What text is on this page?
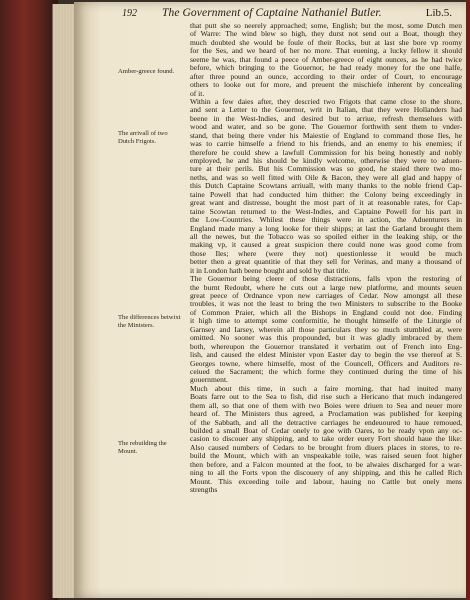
192 The Government of Captaine Nathaniel Butler.	Lib.5.
Amber-greece found.
The arrivall of two Dutch Frigots.
The differences betwixt the Ministers.
The rebuilding the Mount.
that putt she so neerely approached; some, English; but the most, some Dutch men
of Warre: The wind blew so high, they durst not send out a Boat, though they
much doubted she would be foule of their Rocks, but at last she bore vp roomy
for the Ses, and we heard of her no more. That euening, a lucky fellow it should
seeme he was, that found a peece of Amber-greece of eight ounces, as he had twice
before, which bringing to the Gouernor, he had ready money for the one halfe,
after three pound an ounce, according to their order of Court, to encourage
others to looke out for more, and preuent the mischiefe inherent by concealing
of it.
Within a few daies after, they descried two Frigots that came close to the shore,
and sent a Letter to the Gouernor, writ in Italian, that they were Hollanders had
beene in the West-Indies, and desired but to arriue, refresh themselues with
wood and water, and so be gone. The Gouernor forthwith sent them to vnder-
stand, that being there vnder his Maiestie of England to command those Iles, he
was to carrie himselfe a friend to his friends, and an enemy to his enemies; if
therefore he could shew a lawfull Commission for his being honestly and nobly
employed, he and his should be kindly welcome, otherwise they were to aduen-
ture at their perils. But his Commission was so good, he staied there two mo-
neths, and was so well fitted with Oile & Bacon, they were all glad and happy of
this Dutch Captaine Scowtans arriuall, with many thanks to the noble friend Cap-
taine Powell that had conducted him thither: the Colony being exceedingly in
great want and distresse, bought the most part of it at reasonable rates, for Cap-
taine Scowtan returned to the West-Indies, and Captaine Powell for his part in
the Low-Countries. Whilest these things were in action, the Aduenturers in
England made many a long looke for their shipps; at last the Garland brought them
all the newes, but the Tobacco was so spoiled either in the leaking ship, or the
making vp, it caused a great suspicion there could none was good come from
those Iles; where (were they not) questionlesse it would be much
better then a great quantitie of that they sell for Verinas, and many a thousand of
it in London hath beene bought and sold by that title.
The Gouernor being cleere of those distractions, falls vpon the restoring of
the burnt Redoubt, where he cuts out a large new platforme, and mounts seuen
great peece of Ordnance vpon new carriages of Cedar. Now amongst all these
troubles, it was not the least to bring the two Ministers to subscribe to the Booke
of Common Praier, which all the Bishops in England could not doe. Finding
it high time to attempt some conformitie, he thought himselfe of the Liturgie of
Garnsey and Iarsey, wherein all those particulars they so much stumbled at, were
omitted. No sooner was this propounded, but it was gladly imbraced by them
both, whereupon the Gouernor translated it verbatim out of French into Eng-
lish, and caused the eldest Minister vpon Easter day to begin the vse thereof at S.
Georges towne, where himselfe, most of the Councell, Officers and Auditors re-
ceiued the Sacrament; the which forme they continued during the time of his
gouernment.
Much about this time, in such a faire morning, that had inuited many
Boats farre out to the Sea to fish, did rise such a Hericano that much indangered
them all, so that one of them with two Boies were driuen to Sea and neuer more
heard of. The Ministers thus agreed, a Proclamation was published for keeping
of the Sabbath, and all the detractive carriages he endeuoured to haue remoued,
builded a small Boat of Cedar onely to goe with Oares, to be ready vpon any oc-
casion to discouer any shipping, and to take order euery Fort should haue the like:
Also caused numbers of Cedars to be brought from diuers places in stores, to re-
build the Mount, which with an vnspeakable toile, was raised seuen foot higher
then before, and a Falcon mounted at the foot, to be alwaies discharged for a war-
ning to all the Forts vpon the discouery of any shipping, and this he called Rich
Mount. This exceeding toile and labour, hauing no Cattle but onely mens
strengths
